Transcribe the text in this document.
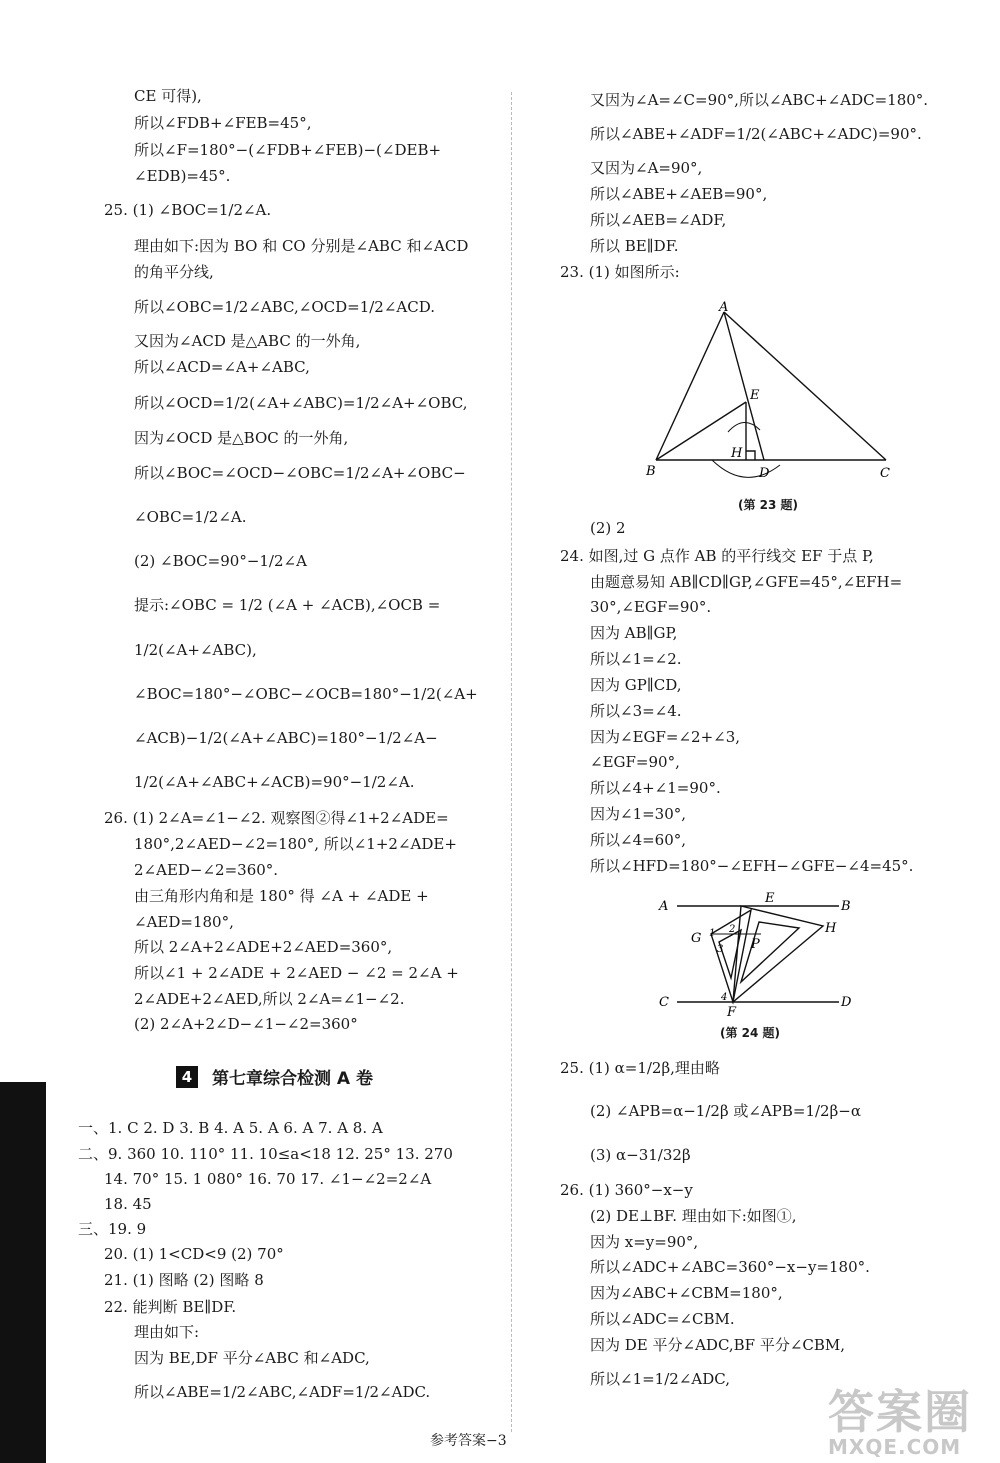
CE 可得),
所以∠FDB+∠FEB=45°,
所以∠F=180°−(∠FDB+∠FEB)−(∠DEB+
∠EDB)=45°.
25. (1) ∠BOC=1/2∠A.
理由如下:因为 BO 和 CO 分别是∠ABC 和∠ACD
的角平分线,
所以∠OBC=1/2∠ABC,∠OCD=1/2∠ACD.
又因为∠ACD 是△ABC 的一外角,
所以∠ACD=∠A+∠ABC,
所以∠OCD=1/2(∠A+∠ABC)=1/2∠A+∠OBC,
因为∠OCD 是△BOC 的一外角,
所以∠BOC=∠OCD−∠OBC=1/2∠A+∠OBC−
∠OBC=1/2∠A.
(2) ∠BOC=90°−1/2∠A
提示:∠OBC = 1/2 (∠A + ∠ACB),∠OCB =
1/2(∠A+∠ABC),
∠BOC=180°−∠OBC−∠OCB=180°−1/2(∠A+
∠ACB)−1/2(∠A+∠ABC)=180°−1/2∠A−
1/2(∠A+∠ABC+∠ACB)=90°−1/2∠A.
26. (1) 2∠A=∠1−∠2. 观察图②得∠1+2∠ADE=
180°,2∠AED−∠2=180°, 所以∠1+2∠ADE+
2∠AED−∠2=360°.
由三角形内角和是 180° 得 ∠A + ∠ADE +
∠AED=180°,
所以 2∠A+2∠ADE+2∠AED=360°,
所以∠1 + 2∠ADE + 2∠AED − ∠2 = 2∠A +
2∠ADE+2∠AED,所以 2∠A=∠1−∠2.
(2) 2∠A+2∠D−∠1−∠2=360°
一、1. C 2. D 3. B 4. A 5. A 6. A 7. A 8. A
二、9. 360 10. 110° 11. 10≤a<18 12. 25° 13. 270
14. 70° 15. 1 080° 16. 70 17. ∠1−∠2=2∠A
18. 45
三、19. 9
20. (1) 1<CD<9 (2) 70°
21. (1) 图略 (2) 图略 8
22. 能判断 BE∥DF.
理由如下:
因为 BE,DF 平分∠ABC 和∠ADC,
所以∠ABE=1/2∠ABC,∠ADF=1/2∠ADC.
4	第七章综合检测 A 卷
又因为∠A=∠C=90°,所以∠ABC+∠ADC=180°.
所以∠ABE+∠ADF=1/2(∠ABC+∠ADC)=90°.
又因为∠A=90°,
所以∠ABE+∠AEB=90°,
所以∠AEB=∠ADF,
所以 BE∥DF.
23. (1) 如图所示:
(2) 2
24. 如图,过 G 点作 AB 的平行线交 EF 于点 P,
由题意易知 AB∥CD∥GP,∠GFE=45°,∠EFH=
30°,∠EGF=90°.
因为 AB∥GP,
所以∠1=∠2.
因为 GP∥CD,
所以∠3=∠4.
因为∠EGF=∠2+∠3,
∠EGF=90°,
所以∠4+∠1=90°.
因为∠1=30°,
所以∠4=60°,
所以∠HFD=180°−∠EFH−∠GFE−∠4=45°.
25. (1) α=1/2β,理由略
(2) ∠APB=α−1/2β 或∠APB=1/2β−α
(3) α−31/32β
26. (1) 360°−x−y
(2) DE⊥BF. 理由如下:如图①,
因为 x=y=90°,
所以∠ADC+∠ABC=360°−x−y=180°.
因为∠ABC+∠CBM=180°,
所以∠ADC=∠CBM.
因为 DE 平分∠ADC,BF 平分∠CBM,
所以∠1=1/2∠ADC,
A
B	C
D
E
H
(第 23 题)
E
A	B
C	D
F
G
H
P
1 2
3
4
(第 24 题)
参考答案−3
答案圈
MXQE.COM
